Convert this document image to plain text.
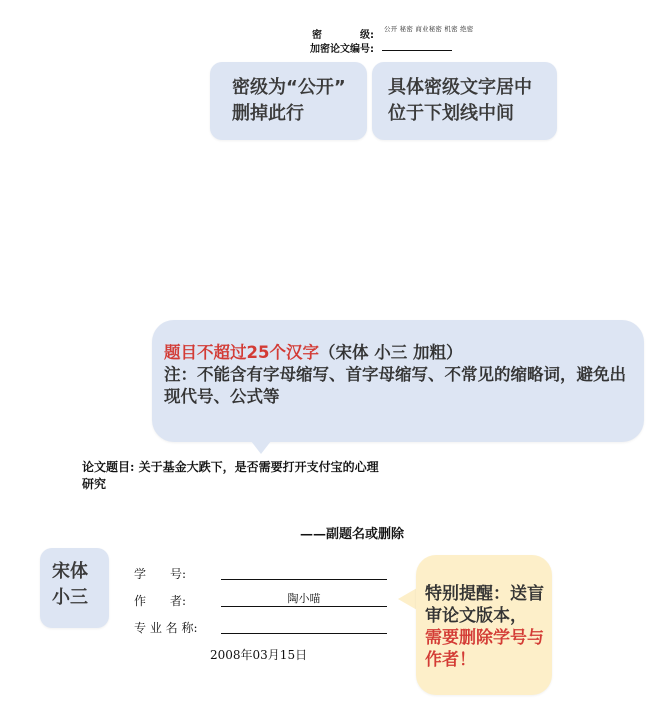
密	级:
公开 秘密 商业秘密 机密 绝密
加密论文编号:
密级为“公开”
删掉此行
具体密级文字居中
位于下划线中间
题目不超过25个汉字（宋体 小三 加粗）
注：不能含有字母缩写、首字母缩写、不常见的缩略词，避免出现代号、公式等
论文题目: 关于基金大跌下，是否需要打开支付宝的心理
研究
——副题名或删除
宋体
小三
学　　号:
作　　者:	陶小喵
专 业 名 称:
2008年03月15日
特别提醒：送盲审论文版本，
需要删除学号与作者！
